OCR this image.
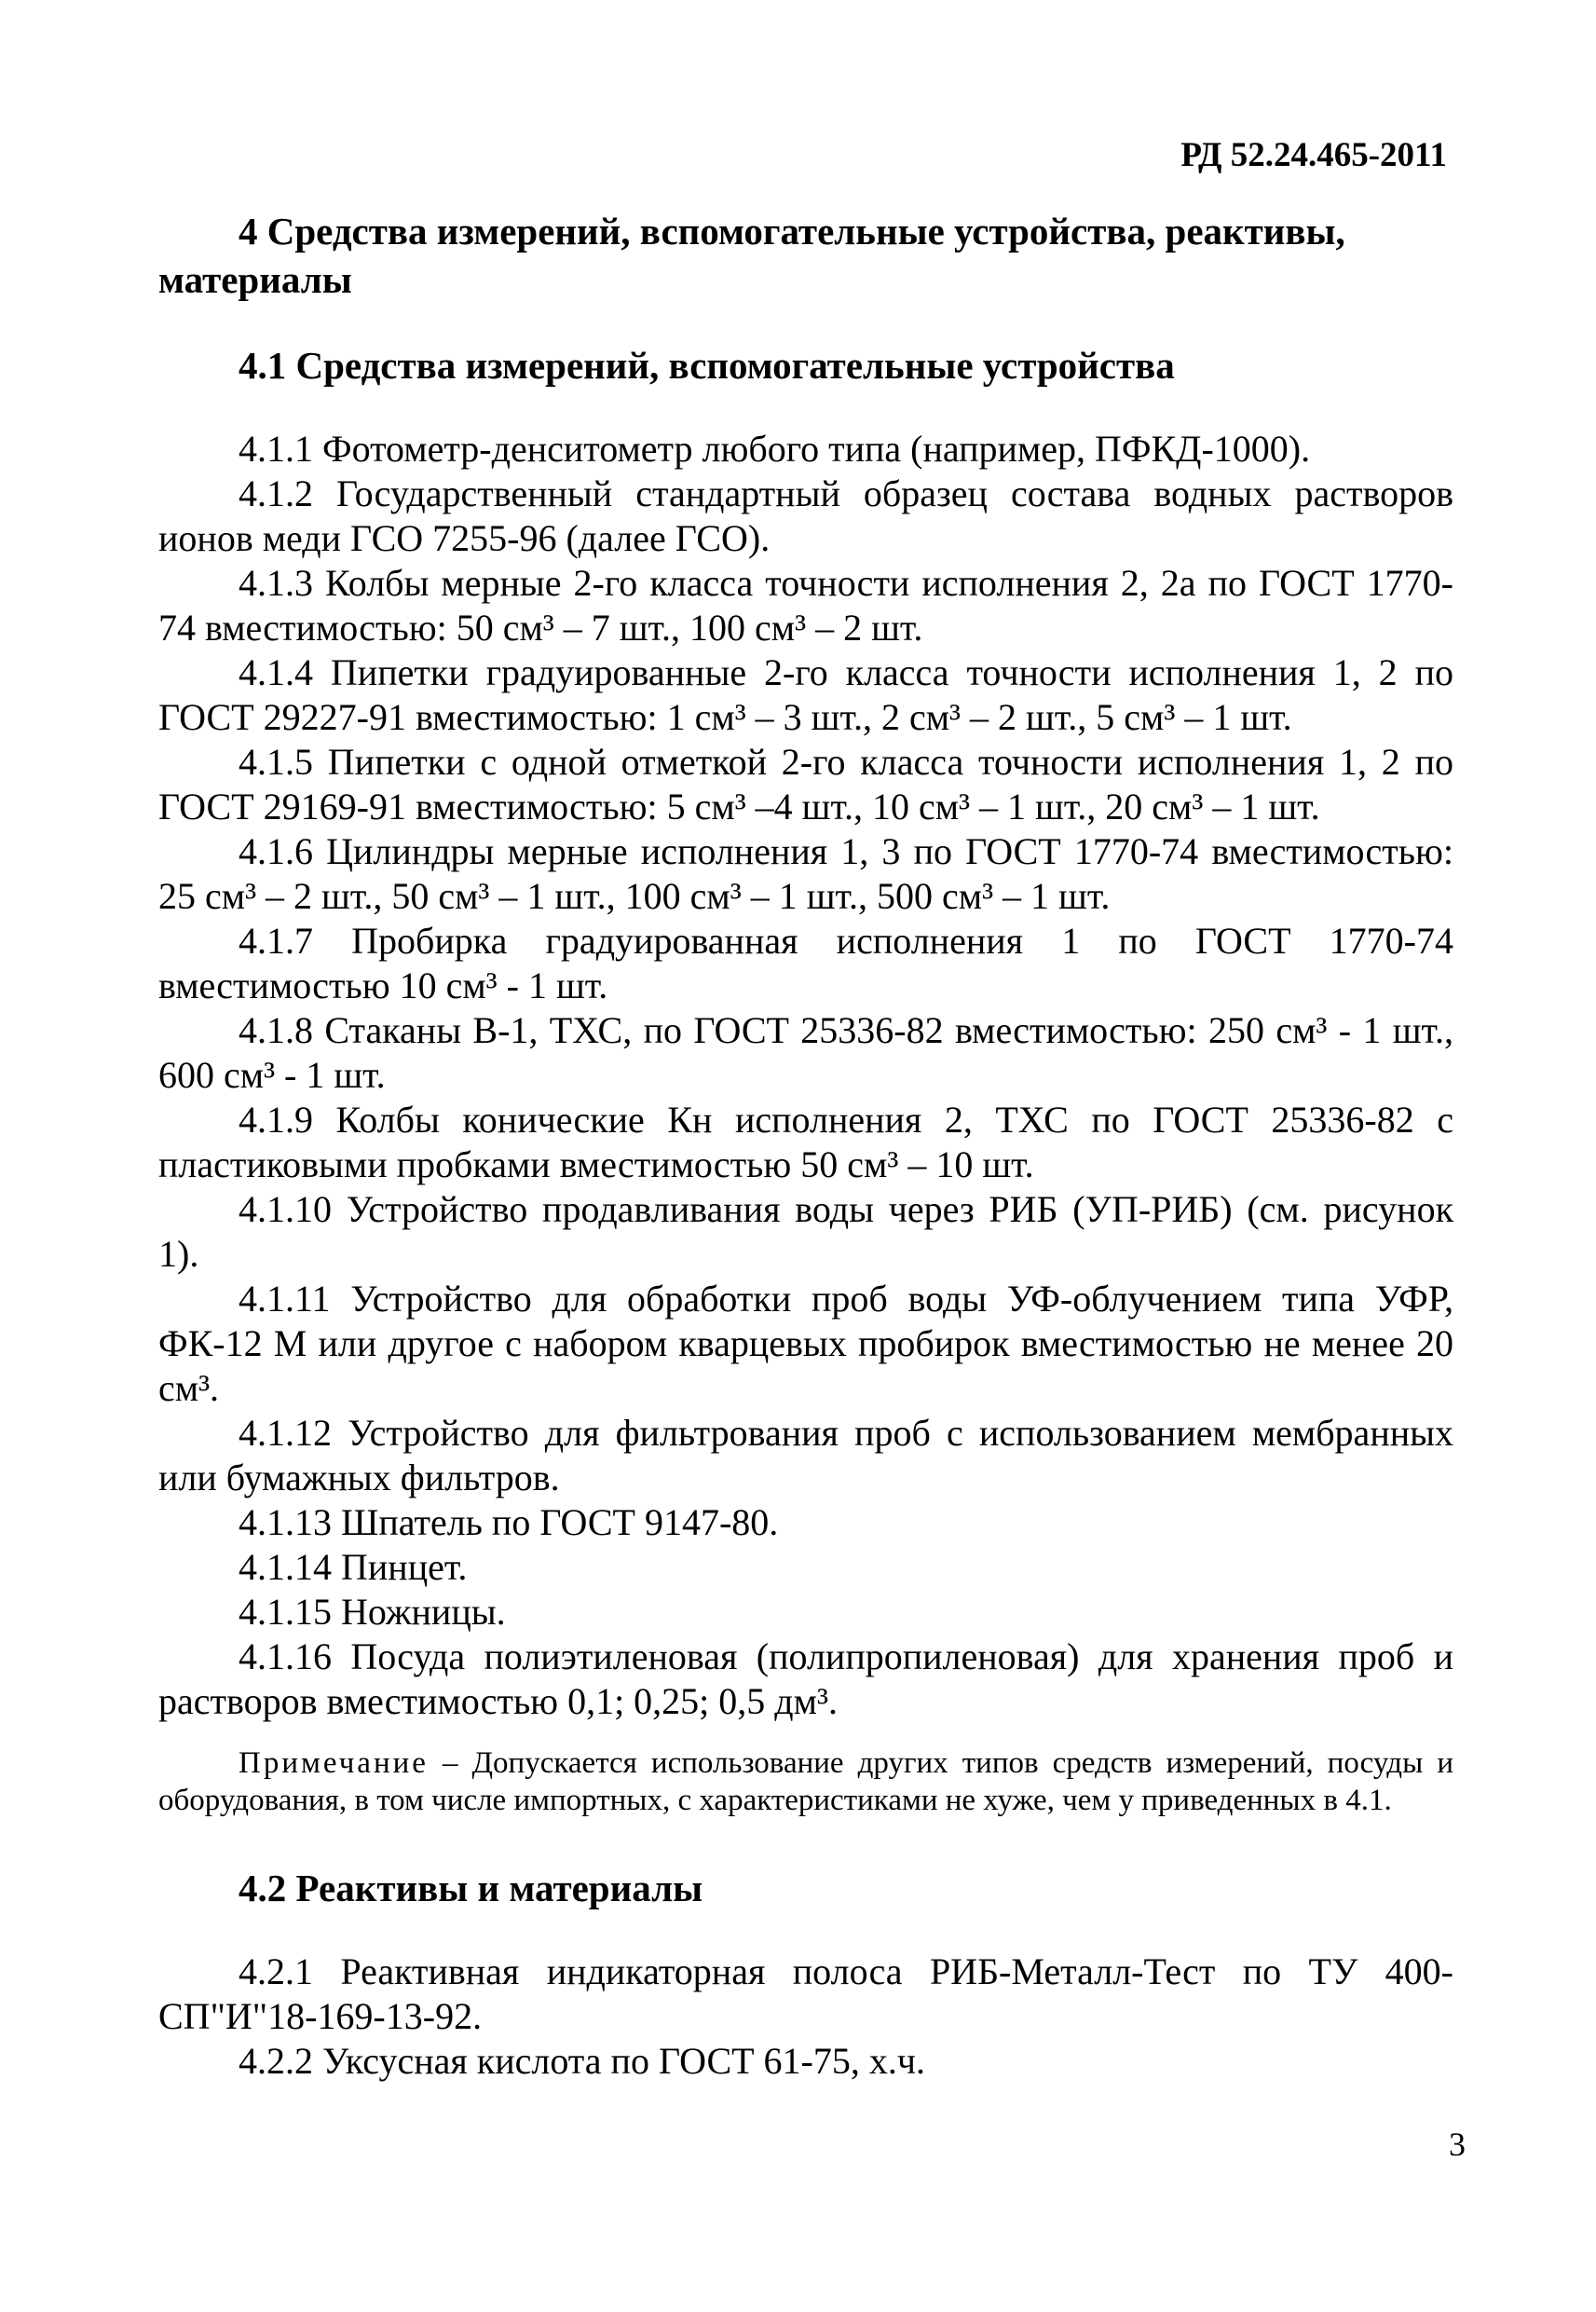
РД 52.24.465-2011
4 Средства измерений, вспомогательные устройства, реактивы, материалы
4.1 Средства измерений, вспомогательные устройства
4.1.1 Фотометр-денситометр любого типа (например, ПФКД-1000).
4.1.2 Государственный стандартный образец состава водных растворов ионов меди ГСО 7255-96 (далее ГСО).
4.1.3 Колбы мерные 2-го класса точности исполнения 2, 2а по ГОСТ 1770-74 вместимостью: 50 см³ – 7 шт., 100 см³ – 2 шт.
4.1.4 Пипетки градуированные 2-го класса точности исполнения 1, 2 по ГОСТ 29227-91 вместимостью: 1 см³ – 3 шт., 2 см³ – 2 шт., 5 см³ – 1 шт.
4.1.5 Пипетки с одной отметкой 2-го класса точности исполнения 1, 2 по ГОСТ 29169-91 вместимостью: 5 см³ –4 шт., 10 см³ – 1 шт., 20 см³ – 1 шт.
4.1.6 Цилиндры мерные исполнения 1, 3 по ГОСТ 1770-74 вместимостью: 25 см³ – 2 шт., 50 см³ – 1 шт., 100 см³ – 1 шт., 500 см³ – 1 шт.
4.1.7 Пробирка градуированная исполнения 1 по ГОСТ 1770-74 вместимостью 10 см³ - 1 шт.
4.1.8 Стаканы В-1, ТХС, по ГОСТ 25336-82 вместимостью: 250 см³ - 1 шт., 600 см³ - 1 шт.
4.1.9 Колбы конические Кн исполнения 2, ТХС по ГОСТ 25336-82 с пластиковыми пробками вместимостью 50 см³ – 10 шт.
4.1.10 Устройство продавливания воды через РИБ (УП-РИБ) (см. рисунок 1).
4.1.11 Устройство для обработки проб воды УФ-облучением типа УФР, ФК-12 М или другое с набором кварцевых пробирок вместимостью не менее 20 см³.
4.1.12 Устройство для фильтрования проб с использованием мембранных или бумажных фильтров.
4.1.13 Шпатель по ГОСТ 9147-80.
4.1.14 Пинцет.
4.1.15 Ножницы.
4.1.16 Посуда полиэтиленовая (полипропиленовая) для хранения проб и растворов вместимостью 0,1; 0,25; 0,5 дм³.
Примечание – Допускается использование других типов средств измерений, посуды и оборудования, в том числе импортных, с характеристиками не хуже, чем у приведенных в 4.1.
4.2 Реактивы и материалы
4.2.1 Реактивная индикаторная полоса РИБ-Металл-Тест по ТУ 400-СП"И"18-169-13-92.
4.2.2 Уксусная кислота по ГОСТ 61-75, х.ч.
3
